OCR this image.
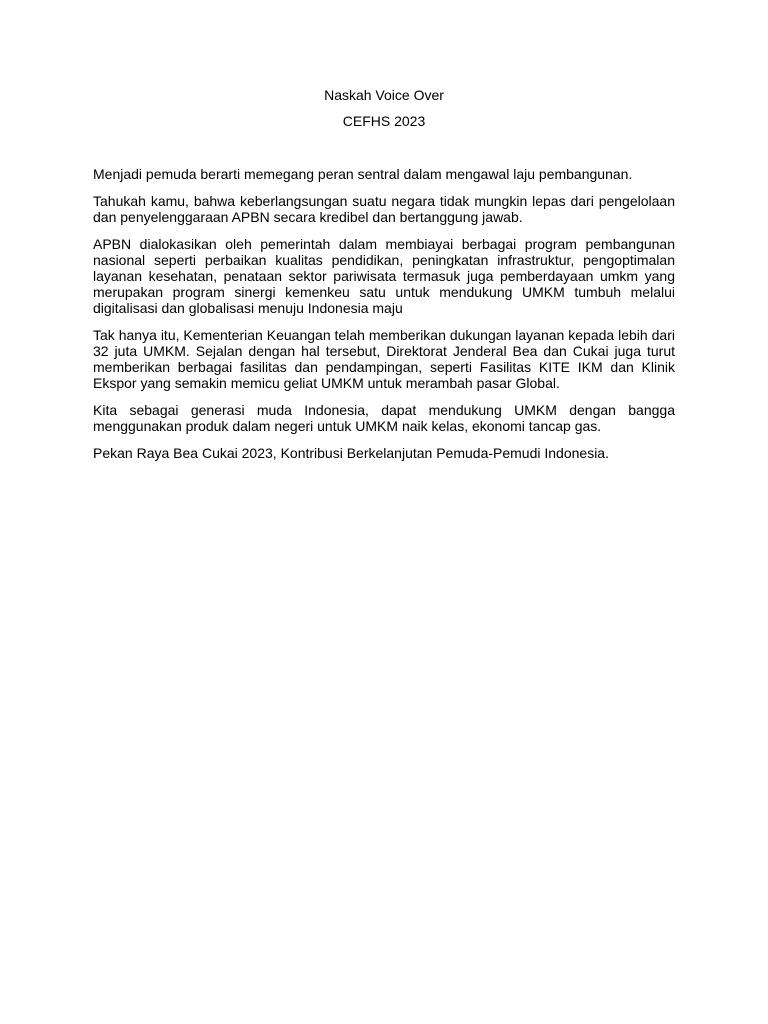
Naskah Voice Over

CEFHS 2023

Menjadi pemuda berarti memegang peran sentral dalam mengawal laju pembangunan.

Tahukah kamu, bahwa keberlangsungan suatu negara tidak mungkin lepas dari pengelolaan dan penyelenggaraan APBN secara kredibel dan bertanggung jawab.

APBN dialokasikan oleh pemerintah dalam membiayai berbagai program pembangunan nasional seperti perbaikan kualitas pendidikan, peningkatan infrastruktur, pengoptimalan layanan kesehatan, penataan sektor pariwisata termasuk juga pemberdayaan umkm yang merupakan program sinergi kemenkeu satu untuk mendukung UMKM tumbuh melalui digitalisasi dan globalisasi menuju Indonesia maju

Tak hanya itu, Kementerian Keuangan telah memberikan dukungan layanan kepada lebih dari 32 juta UMKM. Sejalan dengan hal tersebut, Direktorat Jenderal Bea dan Cukai juga turut memberikan berbagai fasilitas dan pendampingan, seperti Fasilitas KITE IKM dan Klinik Ekspor yang semakin memicu geliat UMKM untuk merambah pasar Global.

Kita sebagai generasi muda Indonesia, dapat mendukung UMKM dengan bangga menggunakan produk dalam negeri untuk UMKM naik kelas, ekonomi tancap gas.

Pekan Raya Bea Cukai 2023, Kontribusi Berkelanjutan Pemuda-Pemudi Indonesia.
